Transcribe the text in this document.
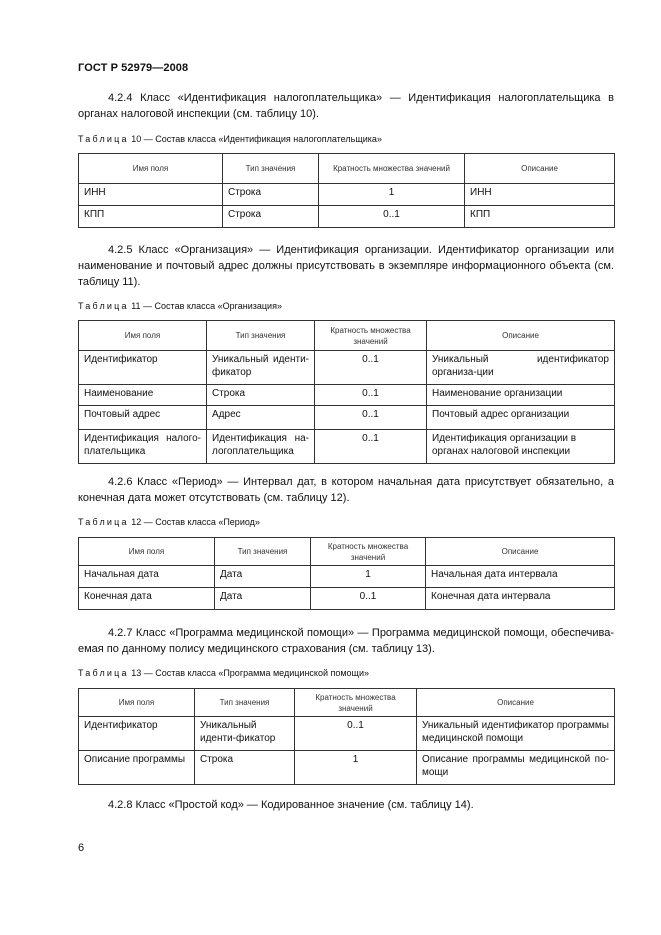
ГОСТ Р 52979—2008
4.2.4 Класс «Идентификация налогоплательщика» — Идентификация налогоплательщика в органах налоговой инспекции (см. таблицу 10).
Таблица 10 — Состав класса «Идентификация налогоплательщика»
Имя поля	Тип значения	Кратность множества значений	Описание
ИНН	Строка	1	ИНН
КПП	Строка	0..1	КПП
4.2.5 Класс «Организация» — Идентификация организации. Идентификатор организации или наименование и почтовый адрес должны присутствовать в экземпляре информационного объекта (см. таблицу 11).
Таблица 11 — Состав класса «Организация»
Имя поля	Тип значения	Кратность множества значений	Описание
Идентификатор	Уникальный иденти-фикатор	0..1	Уникальный идентификатор организа-ции
Наименование	Строка	0..1	Наименование организации
Почтовый адрес	Адрес	0..1	Почтовый адрес организации
Идентификация налого-плательщика	Идентификация на-логоплательщика	0..1	Идентификация организации в органах налоговой инспекции
4.2.6 Класс «Период» — Интервал дат, в котором начальная дата присутствует обязательно, а конечная дата может отсутствовать (см. таблицу 12).
Таблица 12 — Состав класса «Период»
Имя поля	Тип значения	Кратность множества значений	Описание
Начальная дата	Дата	1	Начальная дата интервала
Конечная дата	Дата	0..1	Конечная дата интервала
4.2.7 Класс «Программа медицинской помощи» — Программа медицинской помощи, обеспечива-емая по данному полису медицинского страхования (см. таблицу 13).
Таблица 13 — Состав класса «Программа медицинской помощи»
Имя поля	Тип значения	Кратность множества значений	Описание
Идентификатор	Уникальный иденти-фикатор	0..1	Уникальный идентификатор программы медицинской помощи
Описание программы	Строка	1	Описание программы медицинской по-мощи
4.2.8 Класс «Простой код» — Кодированное значение (см. таблицу 14).
6
